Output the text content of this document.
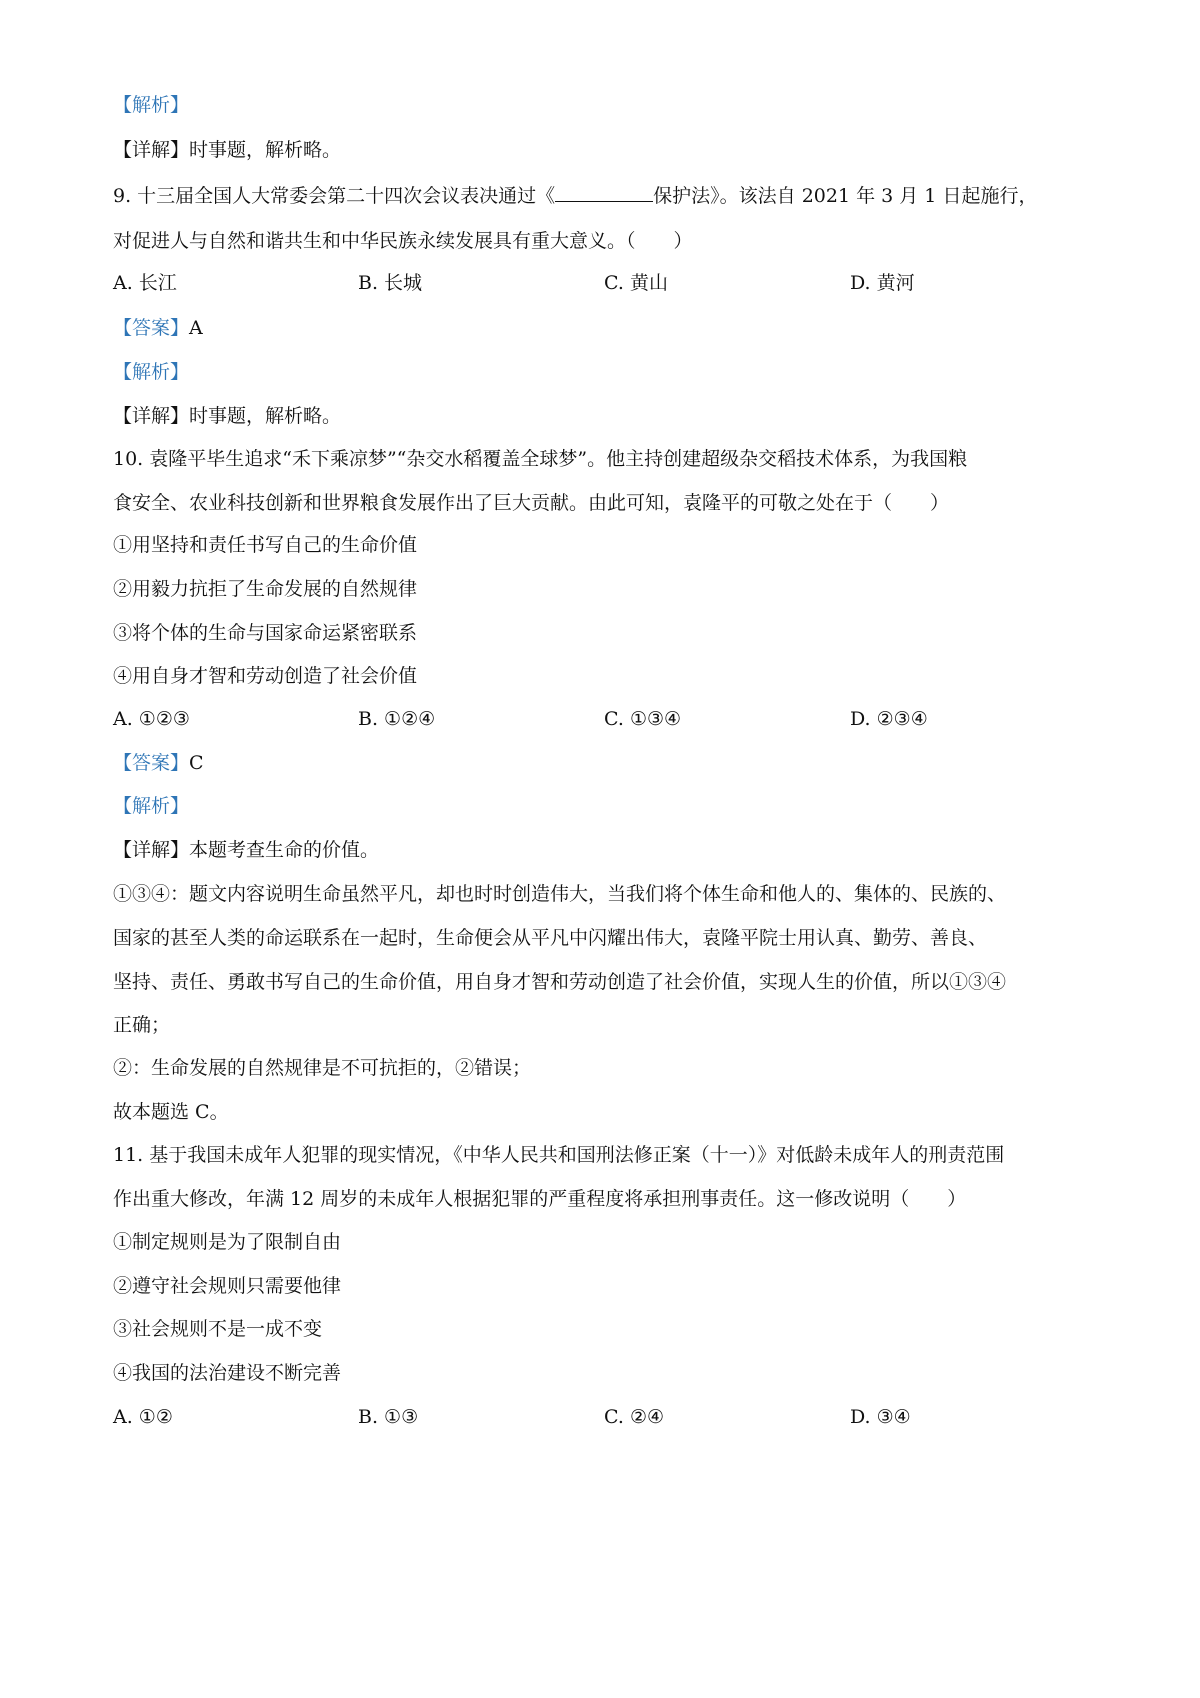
【解析】
【详解】时事题，解析略。
9. 十三届全国人大常委会第二十四次会议表决通过《	保护法》。该法自 2021 年 3 月 1 日起施行，
对促进人与自然和谐共生和中华民族永续发展具有重大意义。（　　）
A. 长江	B. 长城	C. 黄山	D. 黄河
【答案】A
【解析】
【详解】时事题，解析略。
10. 袁隆平毕生追求“禾下乘凉梦”“杂交水稻覆盖全球梦”。他主持创建超级杂交稻技术体系，为我国粮
食安全、农业科技创新和世界粮食发展作出了巨大贡献。由此可知，袁隆平的可敬之处在于（　　）
①用坚持和责任书写自己的生命价值
②用毅力抗拒了生命发展的自然规律
③将个体的生命与国家命运紧密联系
④用自身才智和劳动创造了社会价值
A. ①②③	B. ①②④	C. ①③④	D. ②③④
【答案】C
【解析】
【详解】本题考查生命的价值。
①③④：题文内容说明生命虽然平凡，却也时时创造伟大，当我们将个体生命和他人的、集体的、民族的、
国家的甚至人类的命运联系在一起时，生命便会从平凡中闪耀出伟大，袁隆平院士用认真、勤劳、善良、
坚持、责任、勇敢书写自己的生命价值，用自身才智和劳动创造了社会价值，实现人生的价值，所以①③④
正确；
②：生命发展的自然规律是不可抗拒的，②错误；
故本题选 C。
11. 基于我国未成年人犯罪的现实情况，《中华人民共和国刑法修正案（十一）》对低龄未成年人的刑责范围
作出重大修改，年满 12 周岁的未成年人根据犯罪的严重程度将承担刑事责任。这一修改说明（　　）
①制定规则是为了限制自由
②遵守社会规则只需要他律
③社会规则不是一成不变
④我国的法治建设不断完善
A. ①②	B. ①③	C. ②④	D. ③④
